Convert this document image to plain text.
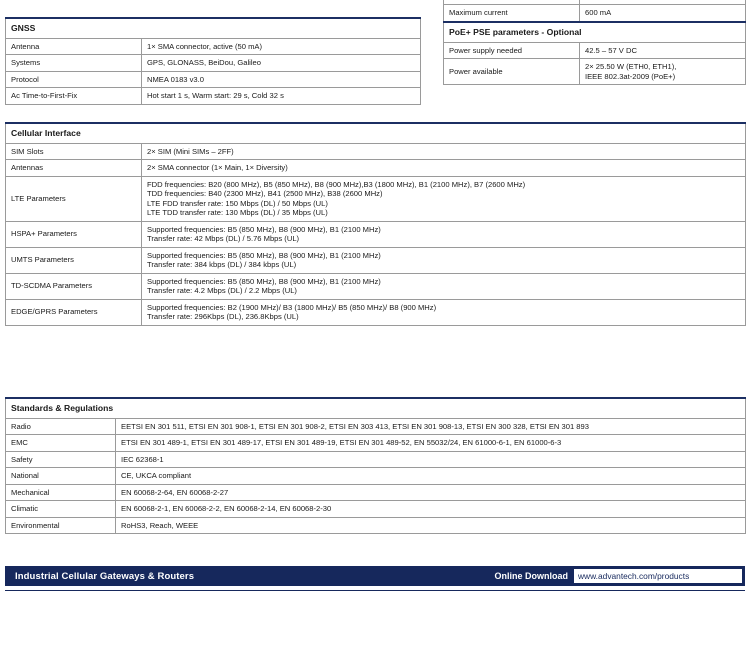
GNSS	
Antenna	1× SMA connector, active (50 mA)

Systems	GPS, GLONASS, BeiDou, Galileo

Protocol	NMEA 0183 v3.0

Ac Time-to-First-Fix	Hot start 1 s, Warm start: 29 s, Cold 32 s

Maximum current	600 mA

PoE+ PSE parameters - Optional	
Power supply needed	42.5 – 57 V DC

Power available	2× 25.50 W (ETH0, ETH1),
IEEE 802.3at-2009 (PoE+)
Cellular Interface	
SIM Slots	2× SIM (Mini SIMs – 2FF)

Antennas	2× SMA connector (1× Main, 1× Diversity)

LTE Parameters	FDD frequencies: B20 (800 MHz), B5 (850 MHz), B8 (900 MHz),B3 (1800 MHz), B1 (2100 MHz), B7 (2600 MHz)
TDD frequencies: B40 (2300 MHz), B41 (2500 MHz), B38 (2600 MHz)
LTE FDD transfer rate: 150 Mbps (DL) / 50 Mbps (UL)
LTE TDD transfer rate: 130 Mbps (DL) / 35 Mbps (UL)

HSPA+ Parameters	Supported frequencies: B5 (850 MHz), B8 (900 MHz), B1 (2100 MHz)
Transfer rate: 42 Mbps (DL) / 5.76 Mbps (UL)

UMTS Parameters	Supported frequencies: B5 (850 MHz), B8 (900 MHz), B1 (2100 MHz)
Transfer rate: 384 kbps (DL) / 384 kbps (UL)

TD-SCDMA Parameters	Supported frequencies: B5 (850 MHz), B8 (900 MHz), B1 (2100 MHz)
Transfer rate: 4.2 Mbps (DL) / 2.2 Mbps (UL)

EDGE/GPRS Parameters	Supported frequencies: B2 (1900 MHz)/ B3 (1800 MHz)/ B5 (850 MHz)/ B8 (900 MHz)
Transfer rate: 296Kbps (DL), 236.8Kbps (UL)
Standards & Regulations	
Radio	EETSI EN 301 511, ETSI EN 301 908-1, ETSI EN 301 908-2, ETSI EN 303 413, ETSI EN 301 908-13, ETSI EN 300 328, ETSI EN 301 893

EMC	ETSI EN 301 489-1, ETSI EN 301 489-17, ETSI EN 301 489-19, ETSI EN 301 489-52, EN 55032/24, EN 61000-6-1, EN 61000-6-3

Safety	IEC 62368-1

National	CE, UKCA compliant

Mechanical	EN 60068-2-64, EN 60068-2-27

Climatic	EN 60068-2-1, EN 60068-2-2, EN 60068-2-14, EN 60068-2-30

Environmental	RoHS3, Reach, WEEE
Industrial Cellular Gateways & Routers	Online Download	www.advantech.com/products
